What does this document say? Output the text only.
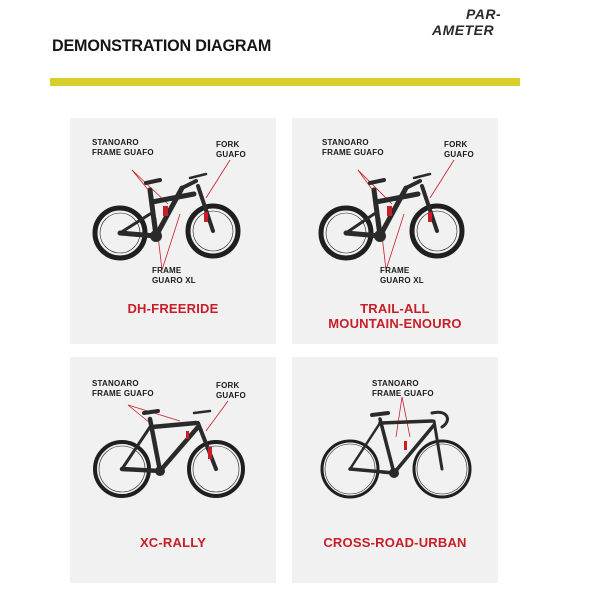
DEMONSTRATION DIAGRAM
PAR-
AMETER
STANOARO
FRAME GUAFO
FORK
GUAFO
FRAME
GUARO XL
DH-FREERIDE
STANOARO
FRAME GUAFO
FORK
GUAFO
FRAME
GUARO XL
TRAIL-ALL
MOUNTAIN-ENOURO
STANOARO
FRAME GUAFO
FORK
GUAFO
XC-RALLY
STANOARO
FRAME GUAFO
CROSS-ROAD-URBAN
